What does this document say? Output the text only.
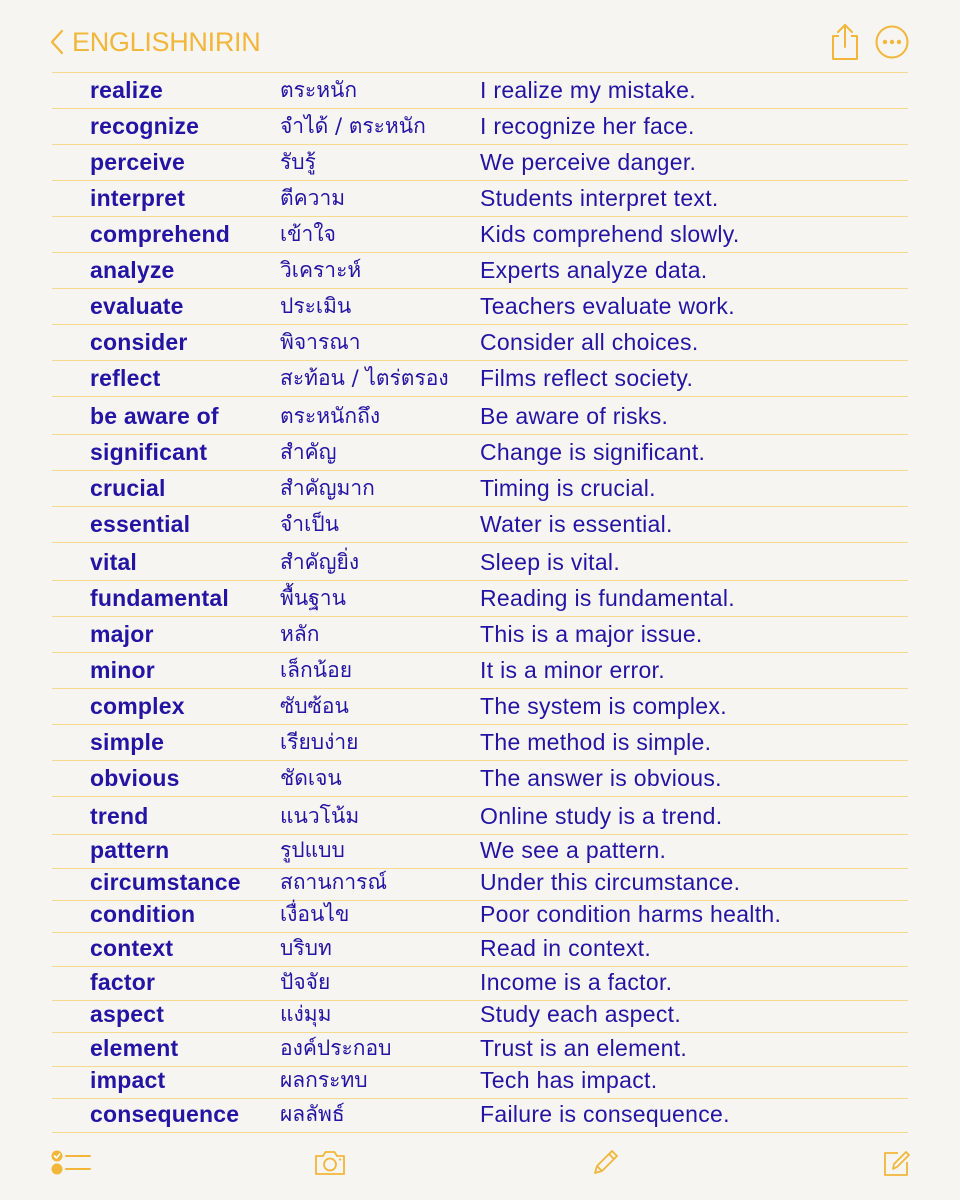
ENGLISHNIRIN
realize	ตระหนัก	I realize my mistake.
recognize	จำได้ / ตระหนัก I recognize her face.
perceive	รับรู้	We perceive danger.
interpret	ตีความ	Students interpret text.
comprehend เข้าใจ	Kids comprehend slowly.
analyze	วิเคราะห์	Experts analyze data.
evaluate	ประเมิน	Teachers evaluate work.
consider	พิจารณา	Consider all choices.
reflect	สะท้อน / ไตร่ตรอง Films reflect society.
be aware of	ตระหนักถึง	Be aware of risks.
significant	สำคัญ	Change is significant.
crucial	สำคัญมาก	Timing is crucial.
essential	จำเป็น	Water is essential.
vital	สำคัญยิ่ง	Sleep is vital.
fundamental พื้นฐาน	Reading is fundamental.
major	หลัก	This is a major issue.
minor	เล็กน้อย	It is a minor error.
complex	ซับซ้อน	The system is complex.
simple	เรียบง่าย	The method is simple.
obvious	ชัดเจน	The answer is obvious.
trend	แนวโน้ม	Online study is a trend.
pattern	รูปแบบ	We see a pattern.
circumstance สถานการณ์	Under this circumstance.
condition	เงื่อนไข	Poor condition harms health.
context	บริบท	Read in context.
factor	ปัจจัย	Income is a factor.
aspect	แง่มุม	Study each aspect.
element	องค์ประกอบ	Trust is an element.
impact	ผลกระทบ	Tech has impact.
consequence ผลลัพธ์	Failure is consequence.
